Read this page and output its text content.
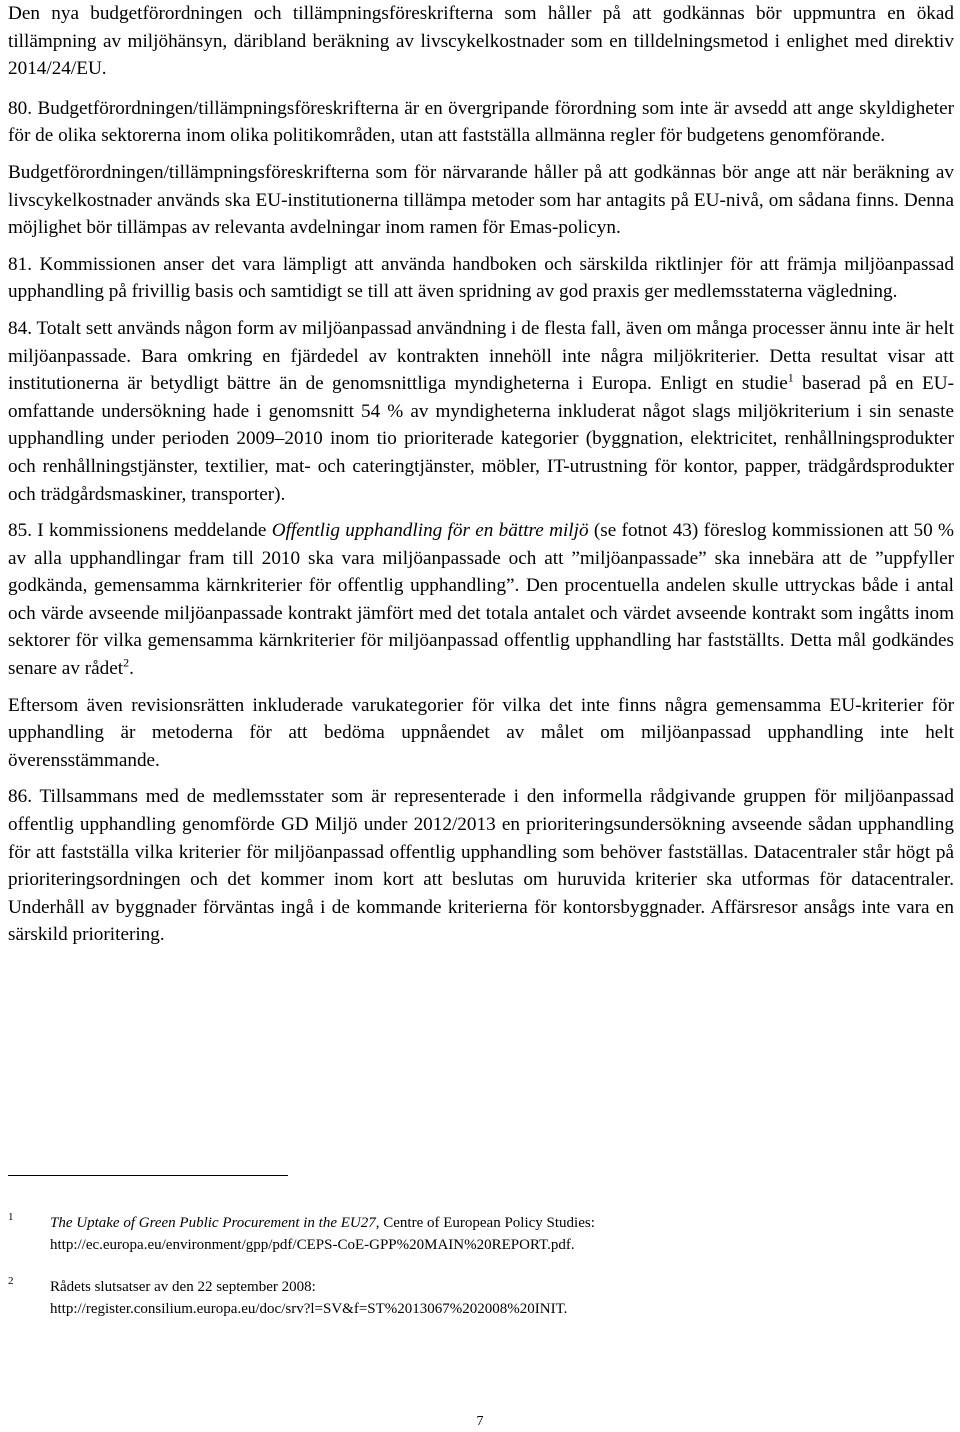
Den nya budgetförordningen och tillämpningsföreskrifterna som håller på att godkännas bör uppmuntra en ökad tillämpning av miljöhänsyn, däribland beräkning av livscykelkostnader som en tilldelningsmetod i enlighet med direktiv 2014/24/EU.

80. Budgetförordningen/tillämpningsföreskrifterna är en övergripande förordning som inte är avsedd att ange skyldigheter för de olika sektorerna inom olika politikområden, utan att fastställa allmänna regler för budgetens genomförande.

Budgetförordningen/tillämpningsföreskrifterna som för närvarande håller på att godkännas bör ange att när beräkning av livscykelkostnader används ska EU-institutionerna tillämpa metoder som har antagits på EU-nivå, om sådana finns. Denna möjlighet bör tillämpas av relevanta avdelningar inom ramen för Emas-policyn.

81. Kommissionen anser det vara lämpligt att använda handboken och särskilda riktlinjer för att främja miljöanpassad upphandling på frivillig basis och samtidigt se till att även spridning av god praxis ger medlemsstaterna vägledning.

84. Totalt sett används någon form av miljöanpassad användning i de flesta fall, även om många processer ännu inte är helt miljöanpassade. Bara omkring en fjärdedel av kontrakten innehöll inte några miljökriterier. Detta resultat visar att institutionerna är betydligt bättre än de genomsnittliga myndigheterna i Europa. Enligt en studie$^1$ baserad på en EU-omfattande undersökning hade i genomsnitt 54 % av myndigheterna inkluderat något slags miljökriterium i sin senaste upphandling under perioden 2009–2010 inom tio prioriterade kategorier (byggnation, elektricitet, renhållningsprodukter och renhållningstjänster, textilier, mat- och cateringtjänster, möbler, IT-utrustning för kontor, papper, trädgårdsprodukter och trädgårdsmaskiner, transporter).

85. I kommissionens meddelande Offentlig upphandling för en bättre miljö (se fotnot 43) föreslog kommissionen att 50 % av alla upphandlingar fram till 2010 ska vara miljöanpassade och att ”miljöanpassade” ska innebära att de ”uppfyller godkända, gemensamma kärnkriterier för offentlig upphandling”. Den procentuella andelen skulle uttryckas både i antal och värde avseende miljöanpassade kontrakt jämfört med det totala antalet och värdet avseende kontrakt som ingåtts inom sektorer för vilka gemensamma kärnkriterier för miljöanpassad offentlig upphandling har fastställts. Detta mål godkändes senare av rådet$^2$.

Eftersom även revisionsrätten inkluderade varukategorier för vilka det inte finns några gemensamma EU-kriterier för upphandling är metoderna för att bedöma uppnåendet av målet om miljöanpassad upphandling inte helt överensstämmande.

86. Tillsammans med de medlemsstater som är representerade i den informella rådgivande gruppen för miljöanpassad offentlig upphandling genomförde GD Miljö under 2012/2013 en prioriteringsundersökning avseende sådan upphandling för att fastställa vilka kriterier för miljöanpassad offentlig upphandling som behöver fastställas. Datacentraler står högt på prioriteringsordningen och det kommer inom kort att beslutas om huruvida kriterier ska utformas för datacentraler. Underhåll av byggnader förväntas ingå i de kommande kriterierna för kontorsbyggnader. Affärsresor ansågs inte vara en särskild prioritering.

1 The Uptake of Green Public Procurement in the EU27, Centre of European Policy Studies:
http://ec.europa.eu/environment/gpp/pdf/CEPS-CoE-GPP%20MAIN%20REPORT.pdf.
2 Rådets slutsatser av den 22 september 2008:
http://register.consilium.europa.eu/doc/srv?l=SV&f=ST%2013067%202008%20INIT.
7
